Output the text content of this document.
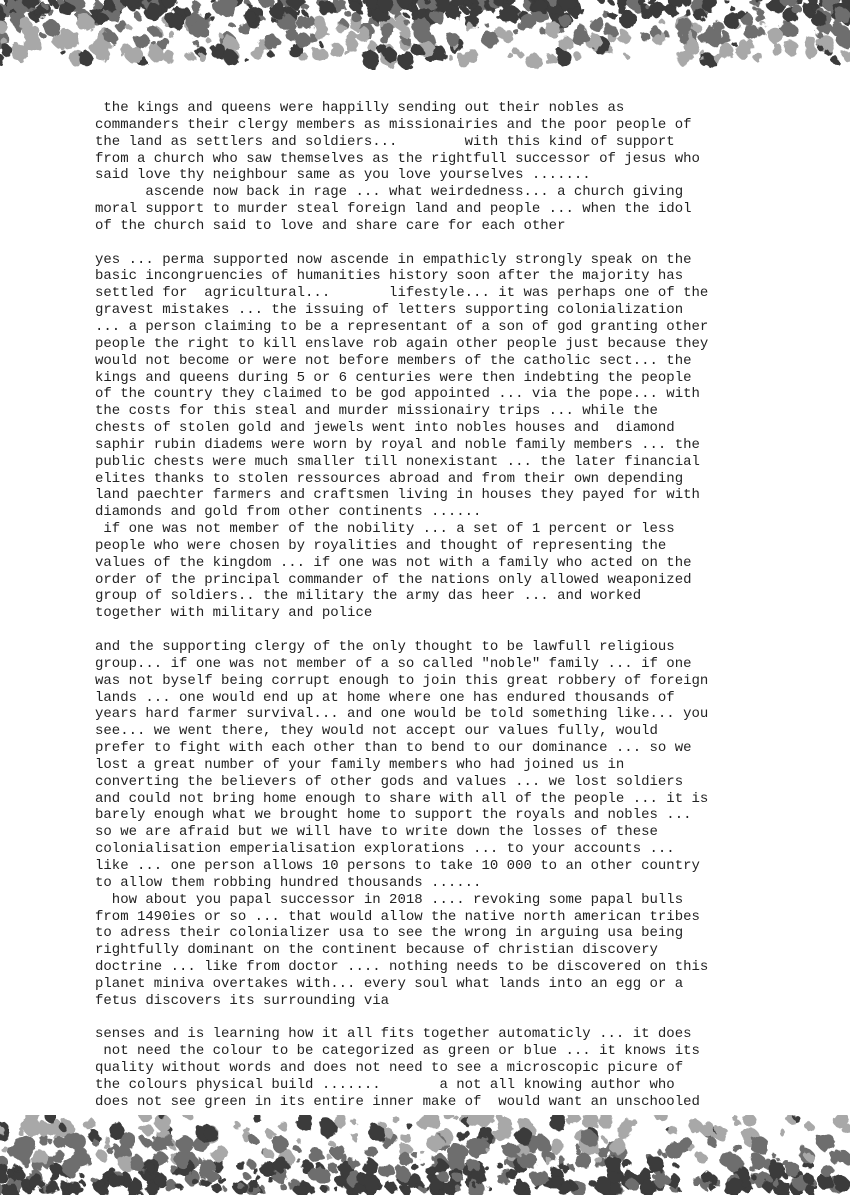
the kings and queens were happilly sending out their nobles as
commanders their clergy members as missionairies and the poor people of
the land as settlers and soldiers...        with this kind of support
from a church who saw themselves as the rightfull successor of jesus who
said love thy neighbour same as you love yourselves .......
ascende now back in rage ... what weirdedness... a church giving
moral support to murder steal foreign land and people ... when the idol
of the church said to love and share care for each other
yes ... perma supported now ascende in empathicly strongly speak on the
basic incongruencies of humanities history soon after the majority has
settled for  agricultural...       lifestyle... it was perhaps one of the
gravest mistakes ... the issuing of letters supporting colonialization
... a person claiming to be a representant of a son of god granting other
people the right to kill enslave rob again other people just because they
would not become or were not before members of the catholic sect... the
kings and queens during 5 or 6 centuries were then indebting the people
of the country they claimed to be god appointed ... via the pope... with
the costs for this steal and murder missionairy trips ... while the
chests of stolen gold and jewels went into nobles houses and  diamond
saphir rubin diadems were worn by royal and noble family members ... the
public chests were much smaller till nonexistant ... the later financial
elites thanks to stolen ressources abroad and from their own depending
land paechter farmers and craftsmen living in houses they payed for with
diamonds and gold from other continents ......
if one was not member of the nobility ... a set of 1 percent or less
people who were chosen by royalities and thought of representing the
values of the kingdom ... if one was not with a family who acted on the
order of the principal commander of the nations only allowed weaponized
group of soldiers.. the military the army das heer ... and worked
together with military and police
and the supporting clergy of the only thought to be lawfull religious
group... if one was not member of a so called "noble" family ... if one
was not byself being corrupt enough to join this great robbery of foreign
lands ... one would end up at home where one has endured thousands of
years hard farmer survival... and one would be told something like... you
see... we went there, they would not accept our values fully, would
prefer to fight with each other than to bend to our dominance ... so we
lost a great number of your family members who had joined us in
converting the believers of other gods and values ... we lost soldiers
and could not bring home enough to share with all of the people ... it is
barely enough what we brought home to support the royals and nobles ...
so we are afraid but we will have to write down the losses of these
colonialisation emperialisation explorations ... to your accounts ...
like ... one person allows 10 persons to take 10 000 to an other country
to allow them robbing hundred thousands ......
how about you papal successor in 2018 .... revoking some papal bulls
from 1490ies or so ... that would allow the native north american tribes
to adress their colonializer usa to see the wrong in arguing usa being
rightfully dominant on the continent because of christian discovery
doctrine ... like from doctor .... nothing needs to be discovered on this
planet miniva overtakes with... every soul what lands into an egg or a
fetus discovers its surrounding via
senses and is learning how it all fits together automaticly ... it does
not need the colour to be categorized as green or blue ... it knows its
quality without words and does not need to see a microscopic picure of
the colours physical build .......       a not all knowing author who
does not see green in its entire inner make of  would want an unschooled
